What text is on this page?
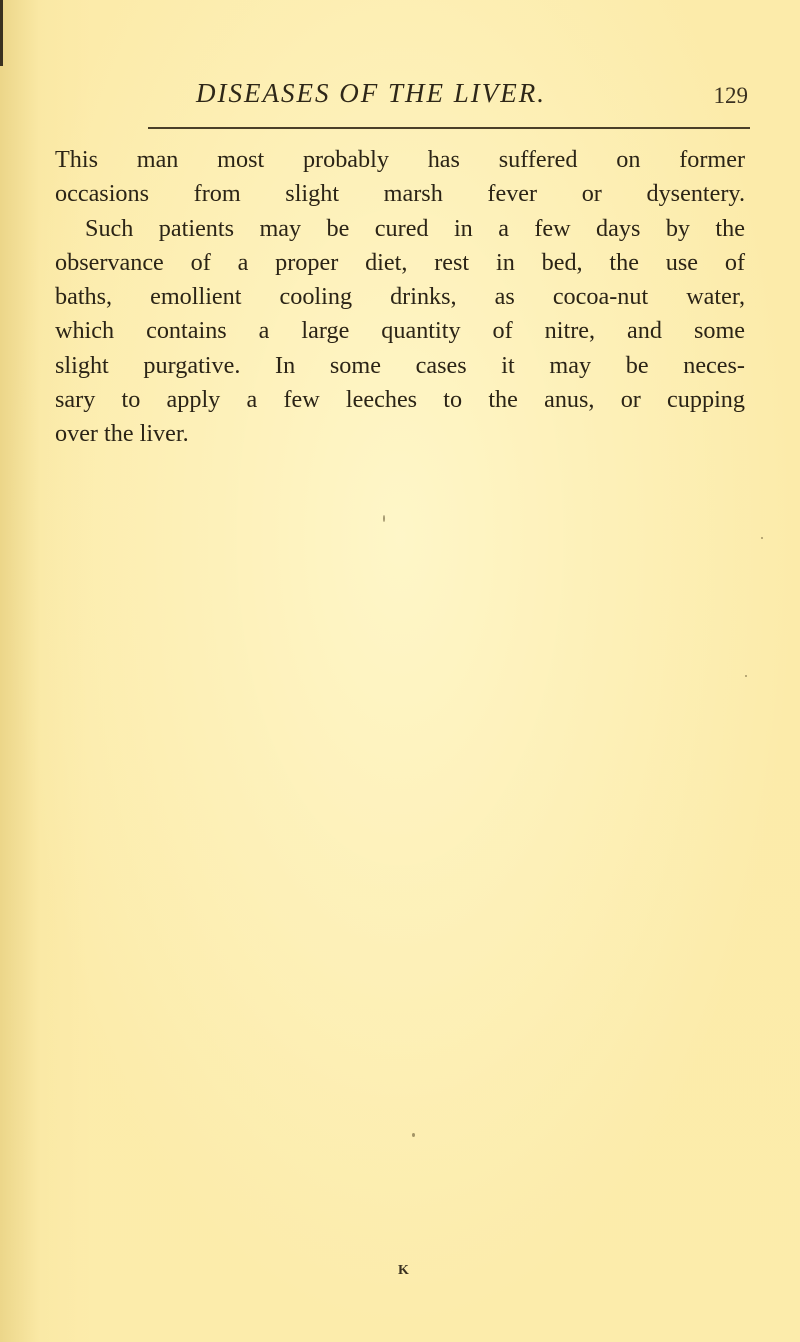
DISEASES OF THE LIVER.	129
This man most probably has suffered on former
occasions from slight marsh fever or dysentery.
Such patients may be cured in a few days by the
observance of a proper diet, rest in bed, the use of
baths, emollient cooling drinks, as cocoa-nut water,
which contains a large quantity of nitre, and some
slight purgative. In some cases it may be neces-
sary to apply a few leeches to the anus, or cupping
over the liver.
K
